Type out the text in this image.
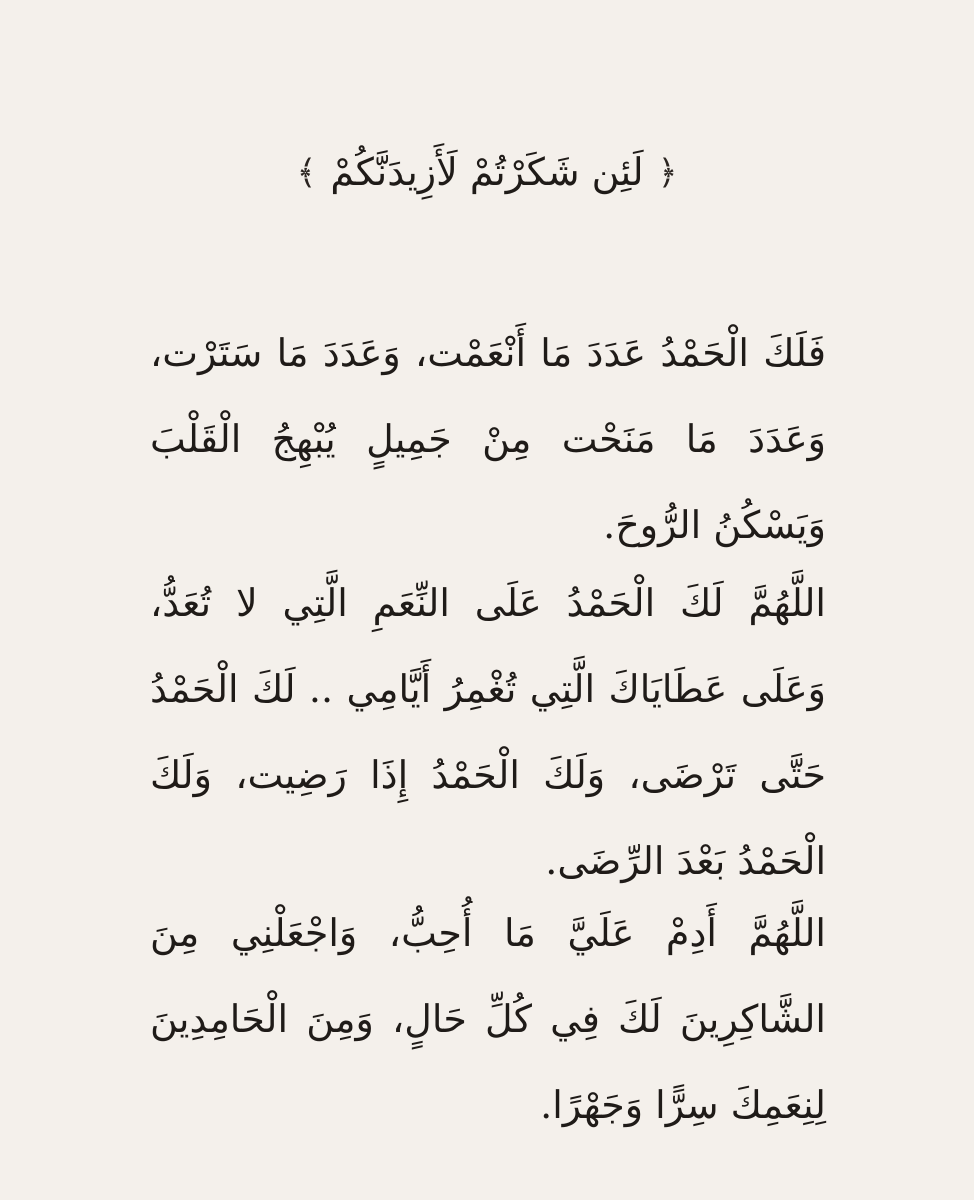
﴿
لَئِن شَكَرْتُمْ لَأَزِيدَنَّكُمْ
﴾

فَلَكَ الْحَمْدُ عَدَدَ مَا أَنْعَمْت، وَعَدَدَ مَا سَتَرْت، وَعَدَدَ مَا مَنَحْت مِنْ جَمِيلٍ يُبْهِجُ الْقَلْبَ وَيَسْكُنُ الرُّوحَ.

اللَّهُمَّ لَكَ الْحَمْدُ عَلَى النِّعَمِ الَّتِي لا تُعَدُّ، وَعَلَى عَطَايَاكَ الَّتِي تُغْمِرُ أَيَّامِي .. لَكَ الْحَمْدُ حَتَّى تَرْضَى، وَلَكَ الْحَمْدُ إِذَا رَضِيت، وَلَكَ الْحَمْدُ بَعْدَ الرِّضَى.

اللَّهُمَّ أَدِمْ عَلَيَّ مَا أُحِبُّ، وَاجْعَلْنِي مِنَ الشَّاكِرِينَ لَكَ فِي كُلِّ حَالٍ، وَمِنَ الْحَامِدِينَ لِنِعَمِكَ سِرًّا وَجَهْرًا.
